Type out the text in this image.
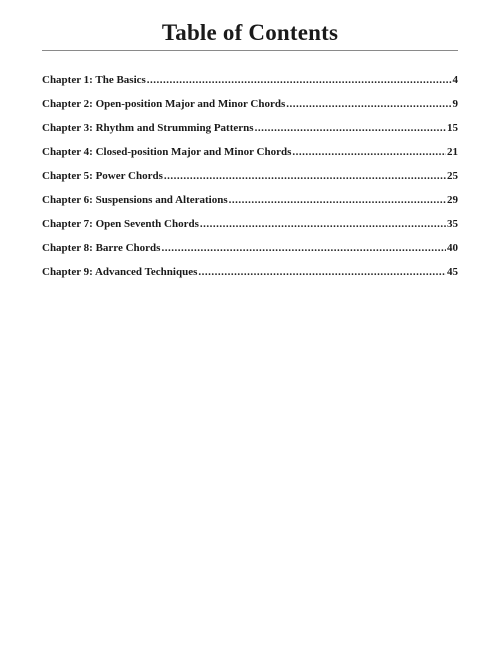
Table of Contents
Chapter 1: The Basics .....	4
Chapter 2: Open-position Major and Minor Chords .....	9
Chapter 3: Rhythm and Strumming Patterns .....	15
Chapter 4: Closed-position Major and Minor Chords .....	21
Chapter 5: Power Chords .....	25
Chapter 6: Suspensions and Alterations .....	29
Chapter 7: Open Seventh Chords .....	35
Chapter 8: Barre Chords .....	40
Chapter 9: Advanced Techniques .....	45
